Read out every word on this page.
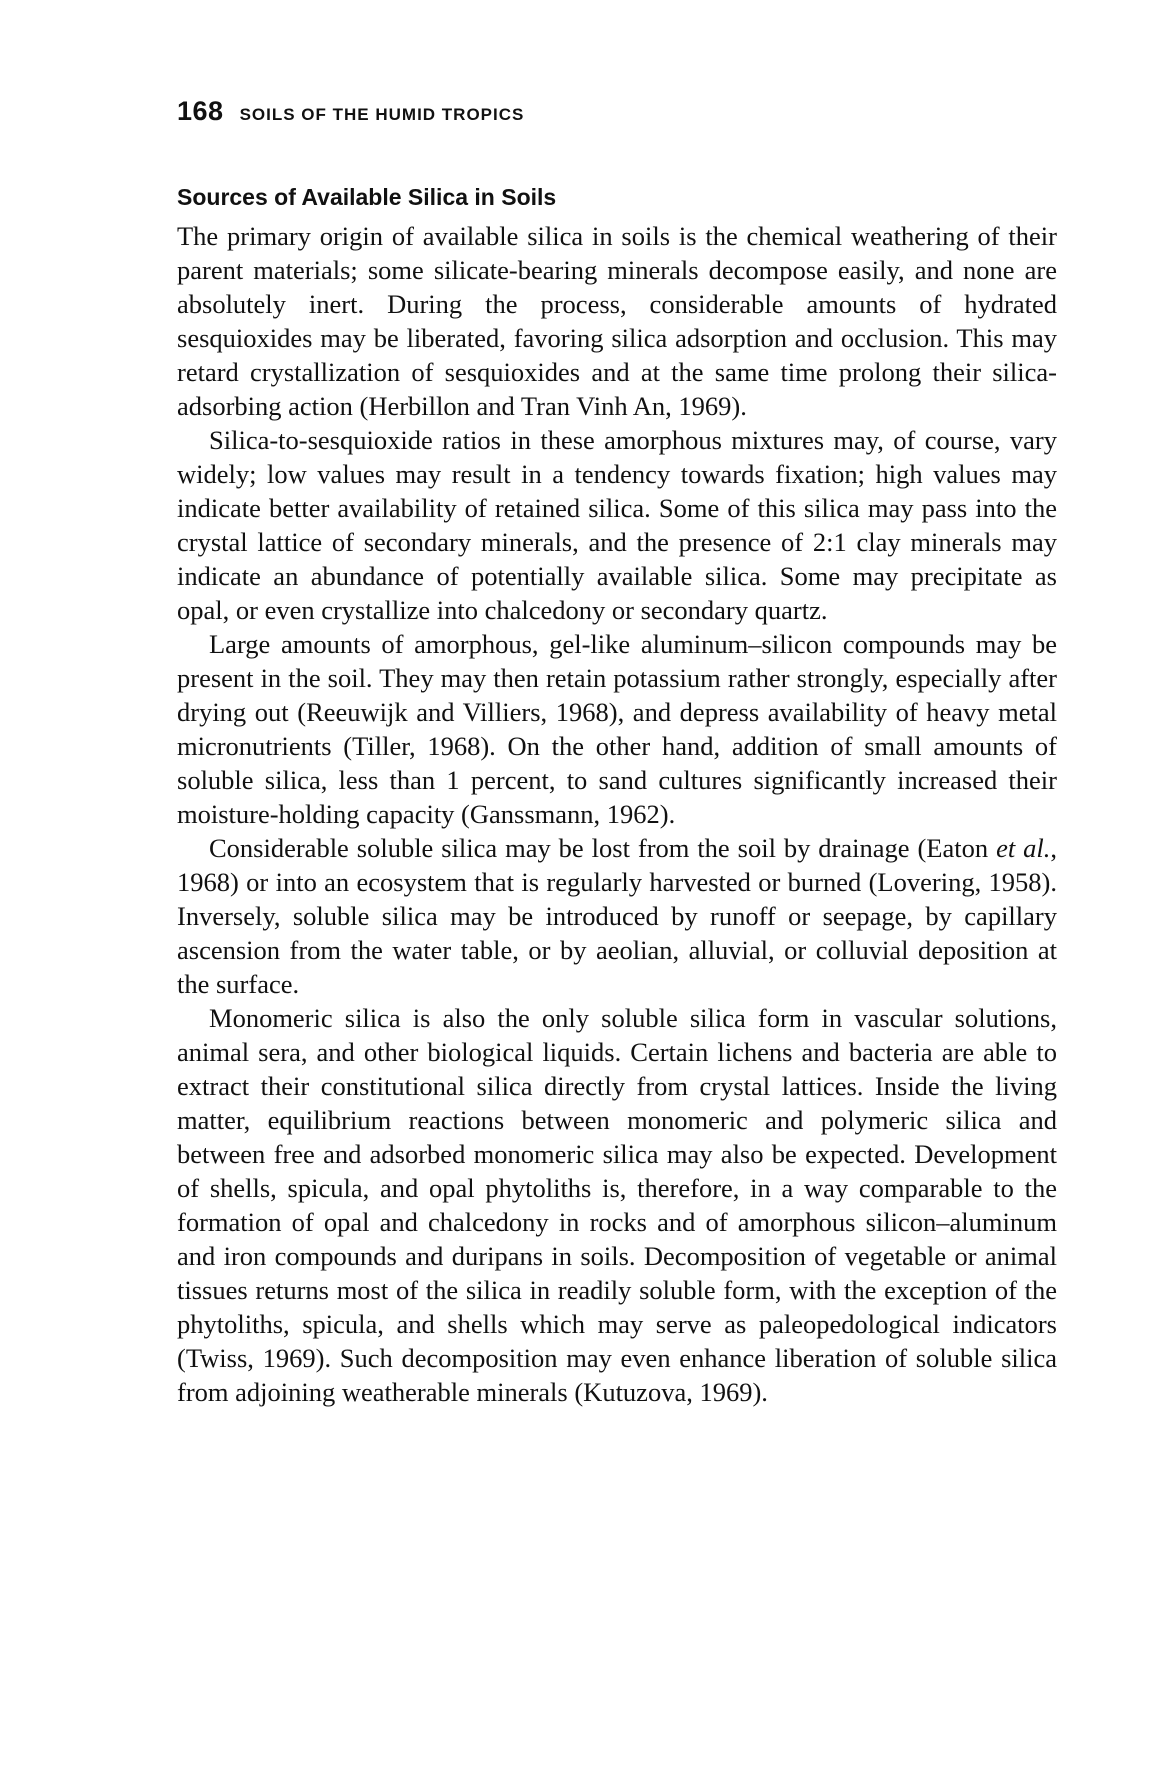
168 SOILS OF THE HUMID TROPICS
Sources of Available Silica in Soils

The primary origin of available silica in soils is the chemical weathering of their parent materials; some silicate-bearing minerals decompose easily, and none are absolutely inert. During the process, considerable amounts of hydrated sesquioxides may be liberated, favoring silica adsorption and occlusion. This may retard crystallization of sesquioxides and at the same time prolong their silica-adsorbing action (Herbillon and Tran Vinh An, 1969).

Silica-to-sesquioxide ratios in these amorphous mixtures may, of course, vary widely; low values may result in a tendency towards fixation; high values may indicate better availability of retained silica. Some of this silica may pass into the crystal lattice of secondary minerals, and the presence of 2:1 clay minerals may indicate an abundance of potentially available silica. Some may precipitate as opal, or even crystallize into chalcedony or secondary quartz.

Large amounts of amorphous, gel-like aluminum–silicon compounds may be present in the soil. They may then retain potassium rather strongly, especially after drying out (Reeuwijk and Villiers, 1968), and depress availability of heavy metal micronutrients (Tiller, 1968). On the other hand, addition of small amounts of soluble silica, less than 1 percent, to sand cultures significantly increased their moisture-holding capacity (Ganssmann, 1962).

Considerable soluble silica may be lost from the soil by drainage (Eaton et al., 1968) or into an ecosystem that is regularly harvested or burned (Lovering, 1958). Inversely, soluble silica may be introduced by runoff or seepage, by capillary ascension from the water table, or by aeolian, alluvial, or colluvial deposition at the surface.

Monomeric silica is also the only soluble silica form in vascular solutions, animal sera, and other biological liquids. Certain lichens and bacteria are able to extract their constitutional silica directly from crystal lattices. Inside the living matter, equilibrium reactions between monomeric and polymeric silica and between free and adsorbed monomeric silica may also be expected. Development of shells, spicula, and opal phytoliths is, therefore, in a way comparable to the formation of opal and chalcedony in rocks and of amorphous silicon–aluminum and iron compounds and duripans in soils. Decomposition of vegetable or animal tissues returns most of the silica in readily soluble form, with the exception of the phytoliths, spicula, and shells which may serve as paleopedological indicators (Twiss, 1969). Such decomposition may even enhance liberation of soluble silica from adjoining weatherable minerals (Kutuzova, 1969).
